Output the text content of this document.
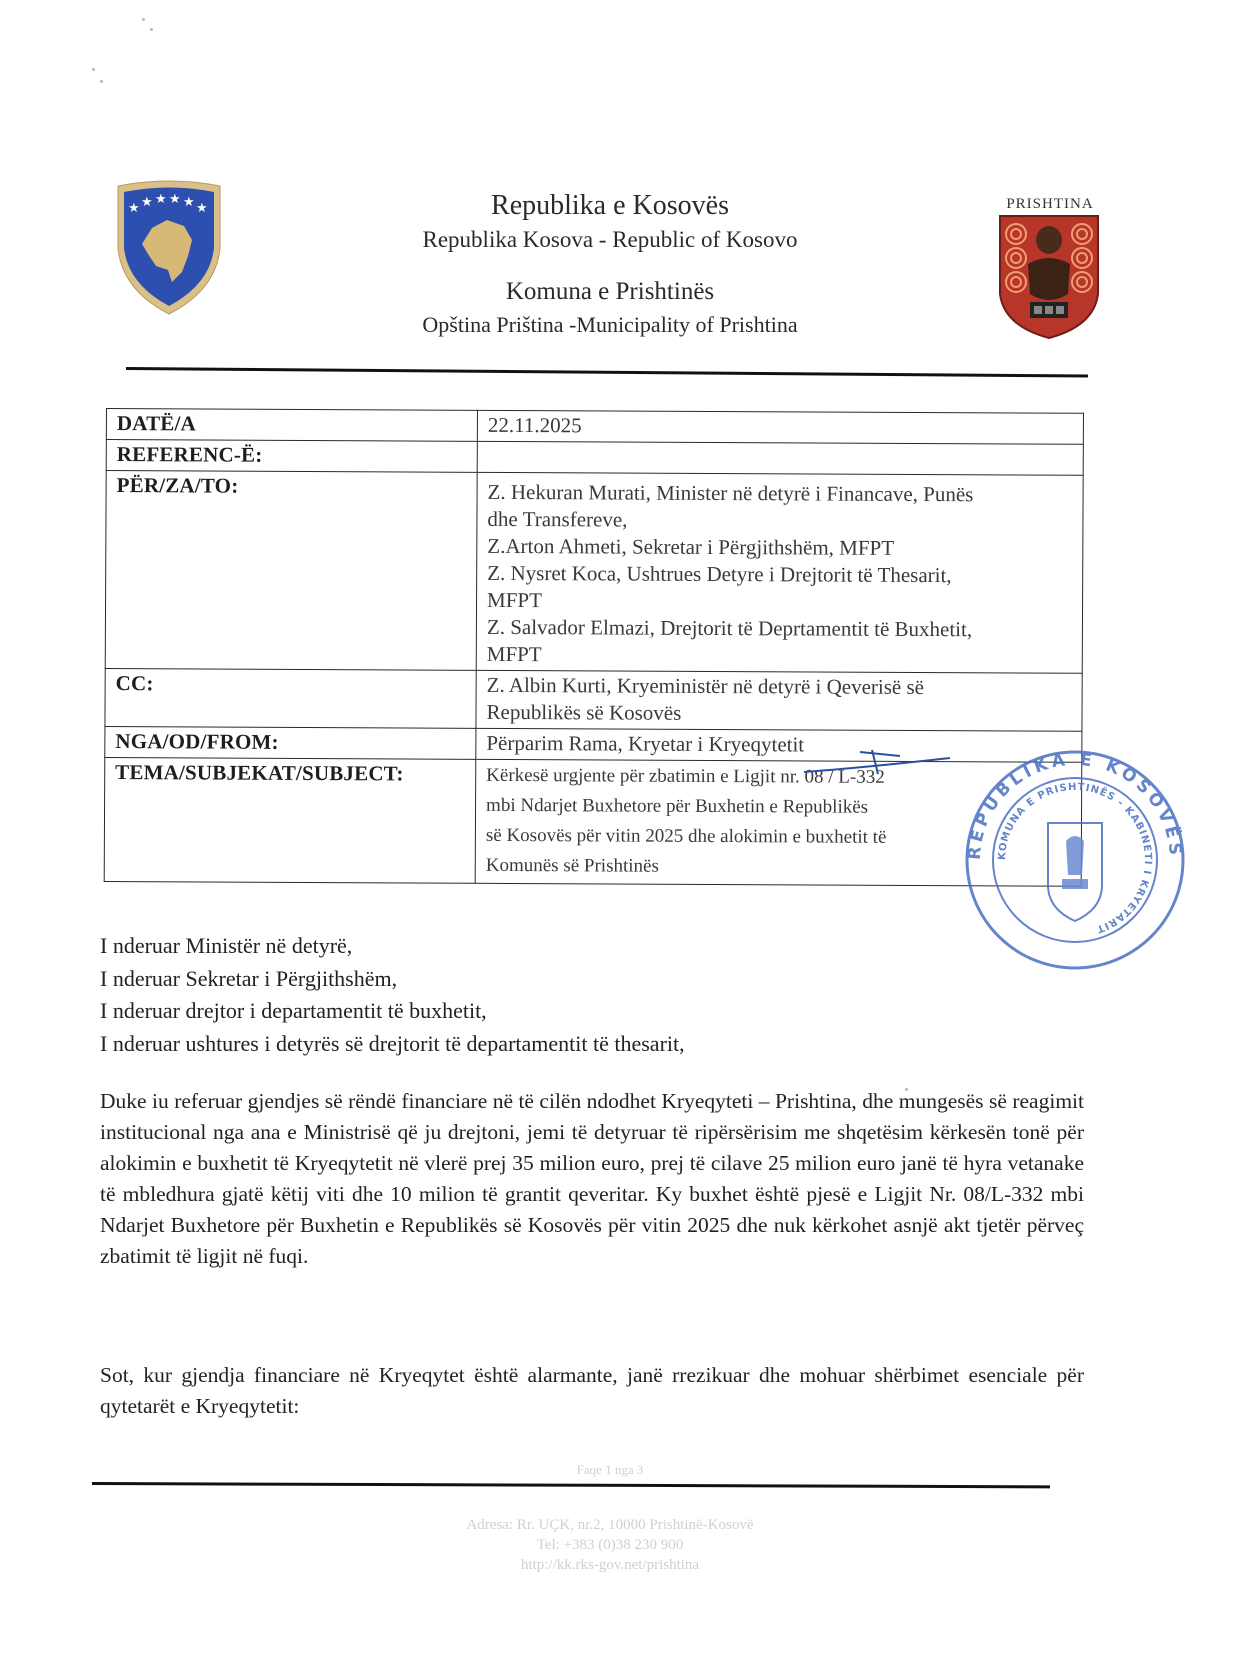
★ ★ ★ ★ ★ ★	Republika e Kosovës
Republika Kosova - Republic of Kosovo
Komuna e Prishtinës
Opština Priština -Municipality of Prishtina
PRISHTINA
DATË/A	22.11.2025

REFERENC-Ë:	

PËR/ZA/TO:	Z. Hekuran Murati, Minister në detyrë i Financave, Punës
dhe Transfereve,
Z.Arton Ahmeti, Sekretar i Përgjithshëm, MFPT
Z. Nysret Koca, Ushtrues Detyre i Drejtorit të Thesarit,
MFPT
Z. Salvador Elmazi, Drejtorit të Deprtamentit të Buxhetit,
MFPT

CC:	Z. Albin Kurti, Kryeministër në detyrë i Qeverisë së
Republikës së Kosovës

NGA/OD/FROM:	Përparim Rama, Kryetar i Kryeqytetit

TEMA/SUBJEKAT/SUBJECT:	Kërkesë urgjente për zbatimin e Ligjit nr. 08 / L-332
mbi Ndarjet Buxhetore për Buxhetin e Republikës
së Kosovës për vitin 2025 dhe alokimin e buxhetit të
Komunës së Prishtinës
REPUBLIKA E KOSOVËS
KOMUNA E PRISHTINËS - KABINETI I KRYETARIT
I nderuar Ministër në detyrë,
I nderuar Sekretar i Përgjithshëm,
I nderuar drejtor i departamentit të buxhetit,
I nderuar ushtures i detyrës së drejtorit të departamentit të thesarit,
Duke iu referuar gjendjes së rëndë financiare në të cilën ndodhet Kryeqyteti – Prishtina, dhe mungesës së reagimit institucional nga ana e Ministrisë që ju drejtoni, jemi të detyruar të ripërsërisim me shqetësim kërkesën tonë për alokimin e buxhetit të Kryeqytetit në vlerë prej 35 milion euro, prej të cilave 25 milion euro janë të hyra vetanake të mbledhura gjatë këtij viti dhe 10 milion të grantit qeveritar. Ky buxhet është pjesë e Ligjit Nr. 08/L-332 mbi Ndarjet Buxhetore për Buxhetin e Republikës së Kosovës për vitin 2025 dhe nuk kërkohet asnjë akt tjetër përveç zbatimit të ligjit në fuqi.
Sot, kur gjendja financiare në Kryeqytet është alarmante, janë rrezikuar dhe mohuar shërbimet esenciale për qytetarët e Kryeqytetit:
Faqe 1 nga 3
Adresa: Rr. UÇK, nr.2, 10000 Prishtinë-Kosovë
Tel: +383 (0)38 230 900
http://kk.rks-gov.net/prishtina
